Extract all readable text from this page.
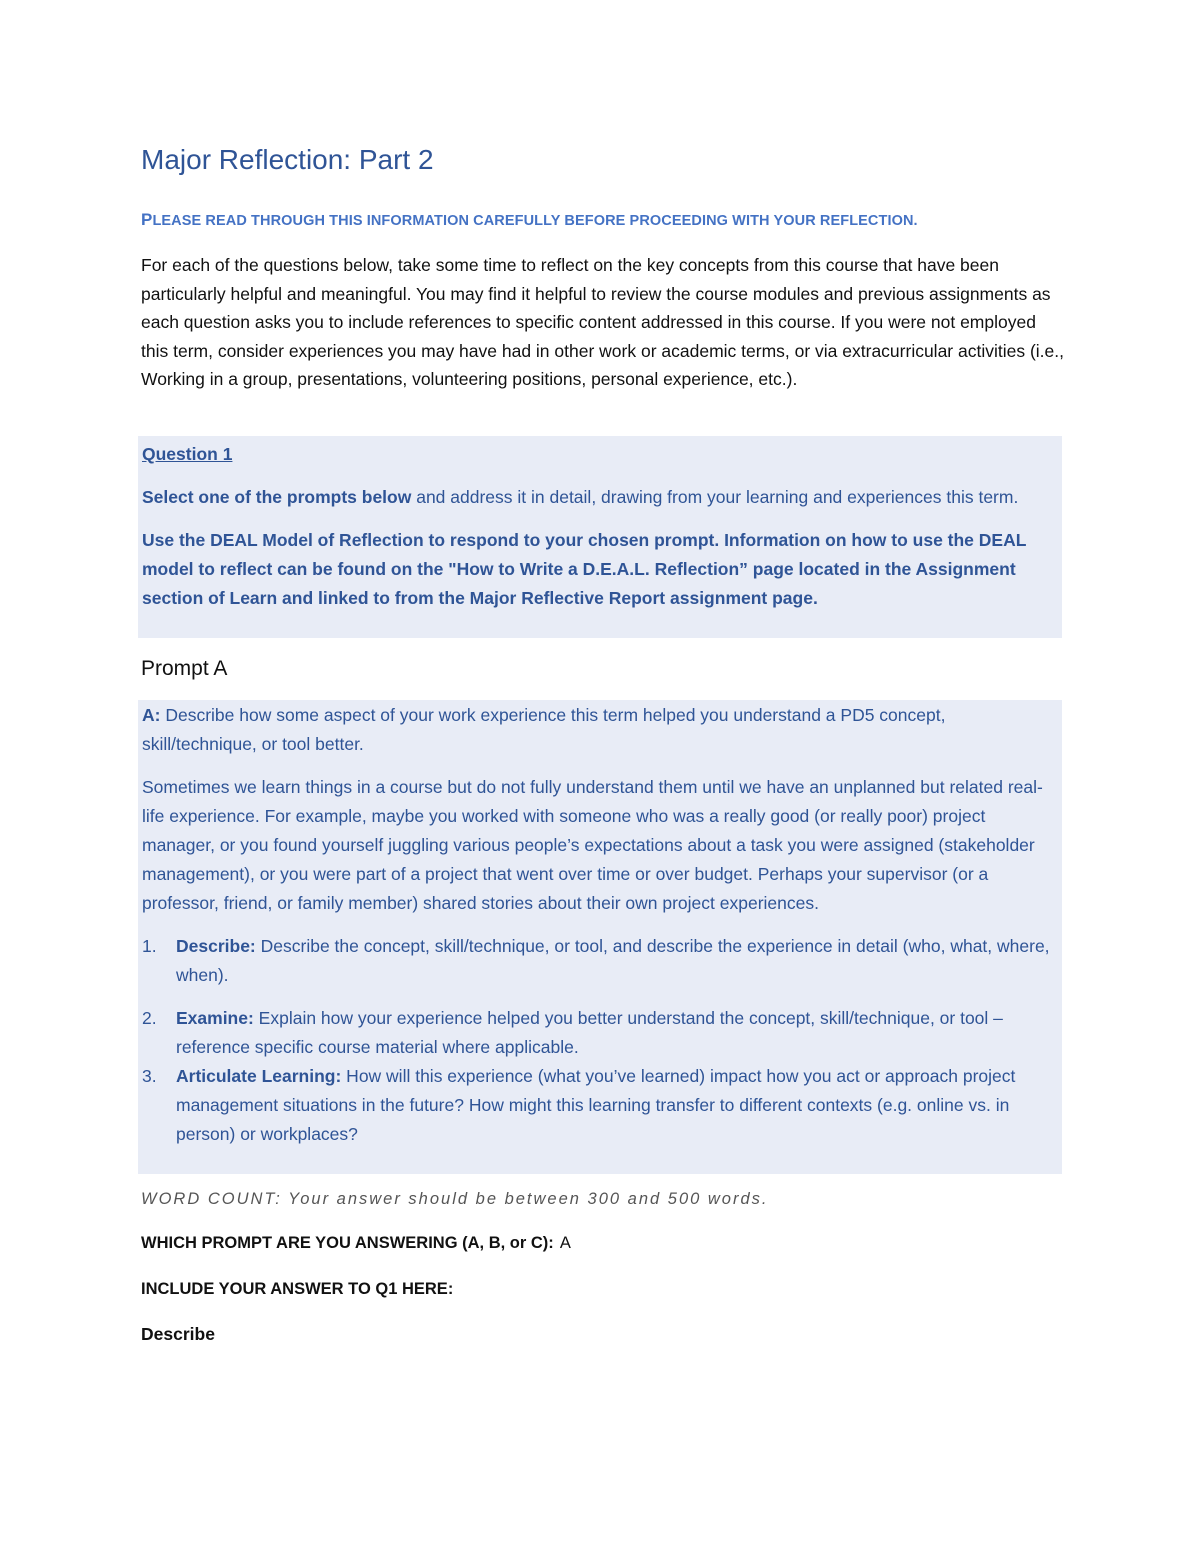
Major Reflection: Part 2

PLEASE READ THROUGH THIS INFORMATION CAREFULLY BEFORE PROCEEDING WITH YOUR REFLECTION.

For each of the questions below, take some time to reflect on the key concepts from this course that have been particularly helpful and meaningful. You may find it helpful to review the course modules and previous assignments as each question asks you to include references to specific content addressed in this course. If you were not employed this term, consider experiences you may have had in other work or academic terms, or via extracurricular activities (i.e., Working in a group, presentations, volunteering positions, personal experience, etc.).

Question 1

Select one of the prompts below and address it in detail, drawing from your learning and experiences this term.

Use the DEAL Model of Reflection to respond to your chosen prompt. Information on how to use the DEAL model to reflect can be found on the "How to Write a D.E.A.L. Reflection” page located in the Assignment section of Learn and linked to from the Major Reflective Report assignment page.

Prompt A

A: Describe how some aspect of your work experience this term helped you understand a PD5 concept, skill/technique, or tool better.

Sometimes we learn things in a course but do not fully understand them until we have an unplanned but related real-life experience. For example, maybe you worked with someone who was a really good (or really poor) project manager, or you found yourself juggling various people’s expectations about a task you were assigned (stakeholder management), or you were part of a project that went over time or over budget. Perhaps your supervisor (or a professor, friend, or family member) shared stories about their own project experiences.

1. Describe: Describe the concept, skill/technique, or tool, and describe the experience in detail (who, what, where, when).
2. Examine: Explain how your experience helped you better understand the concept, skill/technique, or tool – reference specific course material where applicable.
3. Articulate Learning: How will this experience (what you’ve learned) impact how you act or approach project management situations in the future? How might this learning transfer to different contexts (e.g. online vs. in person) or workplaces?

WORD COUNT: Your answer should be between 300 and 500 words.

WHICH PROMPT ARE YOU ANSWERING (A, B, or C): A

INCLUDE YOUR ANSWER TO Q1 HERE:

Describe
